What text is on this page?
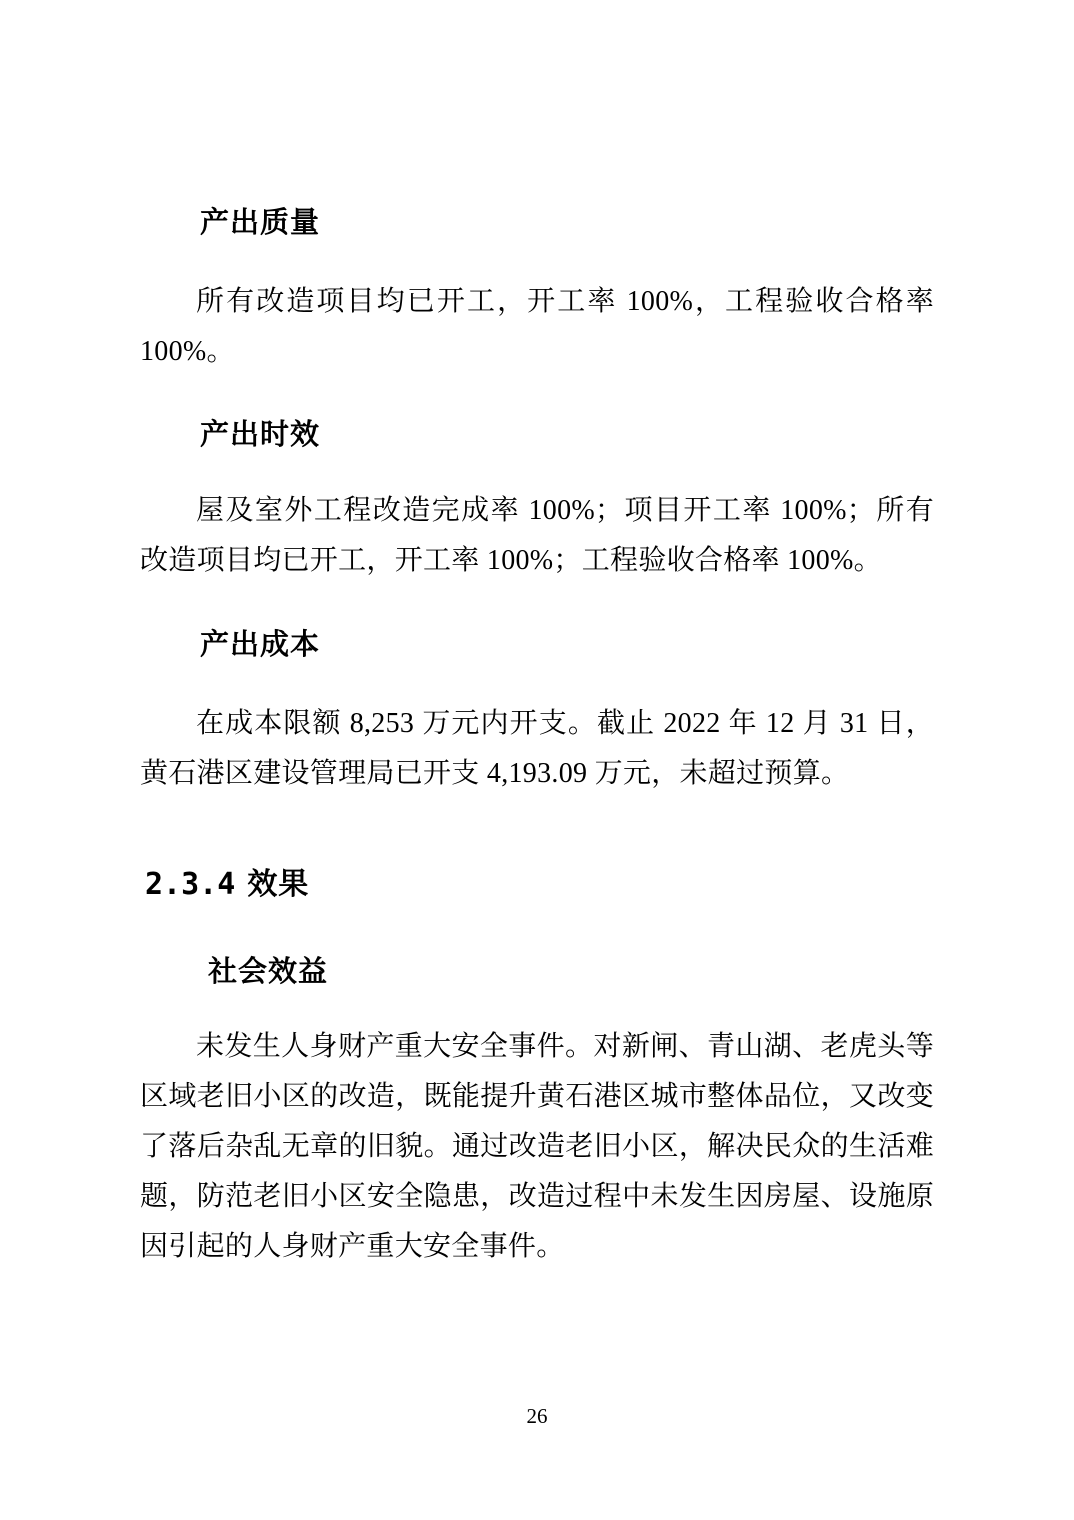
产出质量

所有改造项目均已开工，开工率 100%，工程验收合格率 100%。

产出时效

屋及室外工程改造完成率 100%；项目开工率 100%；所有改造项目均已开工，开工率 100%；工程验收合格率 100%。

产出成本

在成本限额 8,253 万元内开支。截止 2022 年 12 月 31 日，黄石港区建设管理局已开支 4,193.09 万元，未超过预算。

2.3.4 效果
社会效益

未发生人身财产重大安全事件。对新闸、青山湖、老虎头等区域老旧小区的改造，既能提升黄石港区城市整体品位，又改变了落后杂乱无章的旧貌。通过改造老旧小区，解决民众的生活难题，防范老旧小区安全隐患，改造过程中未发生因房屋、设施原因引起的人身财产重大安全事件。

26
